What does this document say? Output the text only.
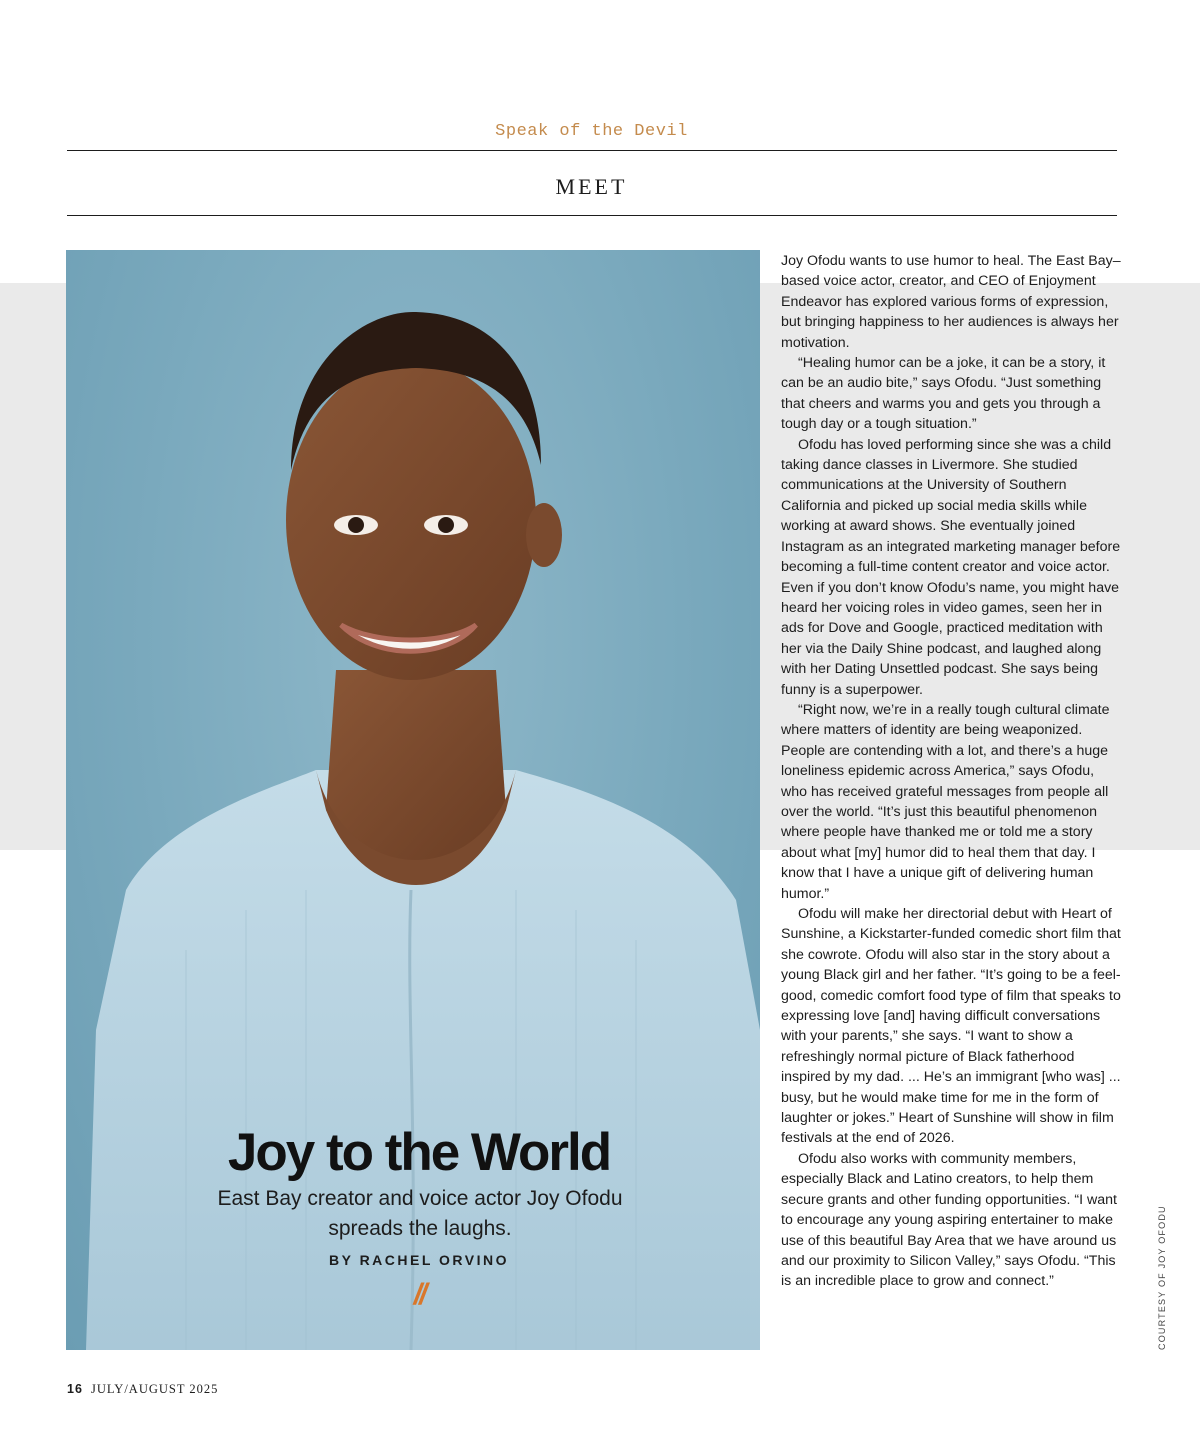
Speak of the Devil
MEET
Joy to the World
East Bay creator and voice actor Joy Ofodu spreads the laughs.
BY RACHEL ORVINO
//

Joy Ofodu wants to use humor to heal. The East Bay–based voice actor, creator, and CEO of Enjoyment Endeavor has explored various forms of expression, but bringing happiness to her audiences is always her motivation.

“Healing humor can be a joke, it can be a story, it can be an audio bite,” says Ofodu. “Just something that cheers and warms you and gets you through a tough day or a tough situation.”

Ofodu has loved performing since she was a child taking dance classes in Livermore. She studied communications at the University of Southern California and picked up social media skills while working at award shows. She eventually joined Instagram as an integrated marketing manager before becoming a full-time content creator and voice actor. Even if you don’t know Ofodu’s name, you might have heard her voicing roles in video games, seen her in ads for Dove and Google, practiced meditation with her via the Daily Shine podcast, and laughed along with her Dating Unsettled podcast. She says being funny is a superpower.

“Right now, we’re in a really tough cultural climate where matters of identity are being weaponized. People are contending with a lot, and there’s a huge loneliness epidemic across America,” says Ofodu, who has received grateful messages from people all over the world. “It’s just this beautiful phenomenon where people have thanked me or told me a story about what [my] humor did to heal them that day. I know that I have a unique gift of delivering human humor.”

Ofodu will make her directorial debut with Heart of Sunshine, a Kickstarter-funded comedic short film that she cowrote. Ofodu will also star in the story about a young Black girl and her father. “It’s going to be a feel-good, comedic comfort food type of film that speaks to expressing love [and] having difficult conversations with your parents,” she says. “I want to show a refreshingly normal picture of Black fatherhood inspired by my dad. ... He’s an immigrant [who was] ... busy, but he would make time for me in the form of laughter or jokes.” Heart of Sunshine will show in film festivals at the end of 2026.

Ofodu also works with community members, especially Black and Latino creators, to help them secure grants and other funding opportunities. “I want to encourage any young aspiring entertainer to make use of this beautiful Bay Area that we have around us and our proximity to Silicon Valley,” says Ofodu. “This is an incredible place to grow and connect.”	COURTESY OF JOY OFODU
16 JULY/AUGUST 2025
